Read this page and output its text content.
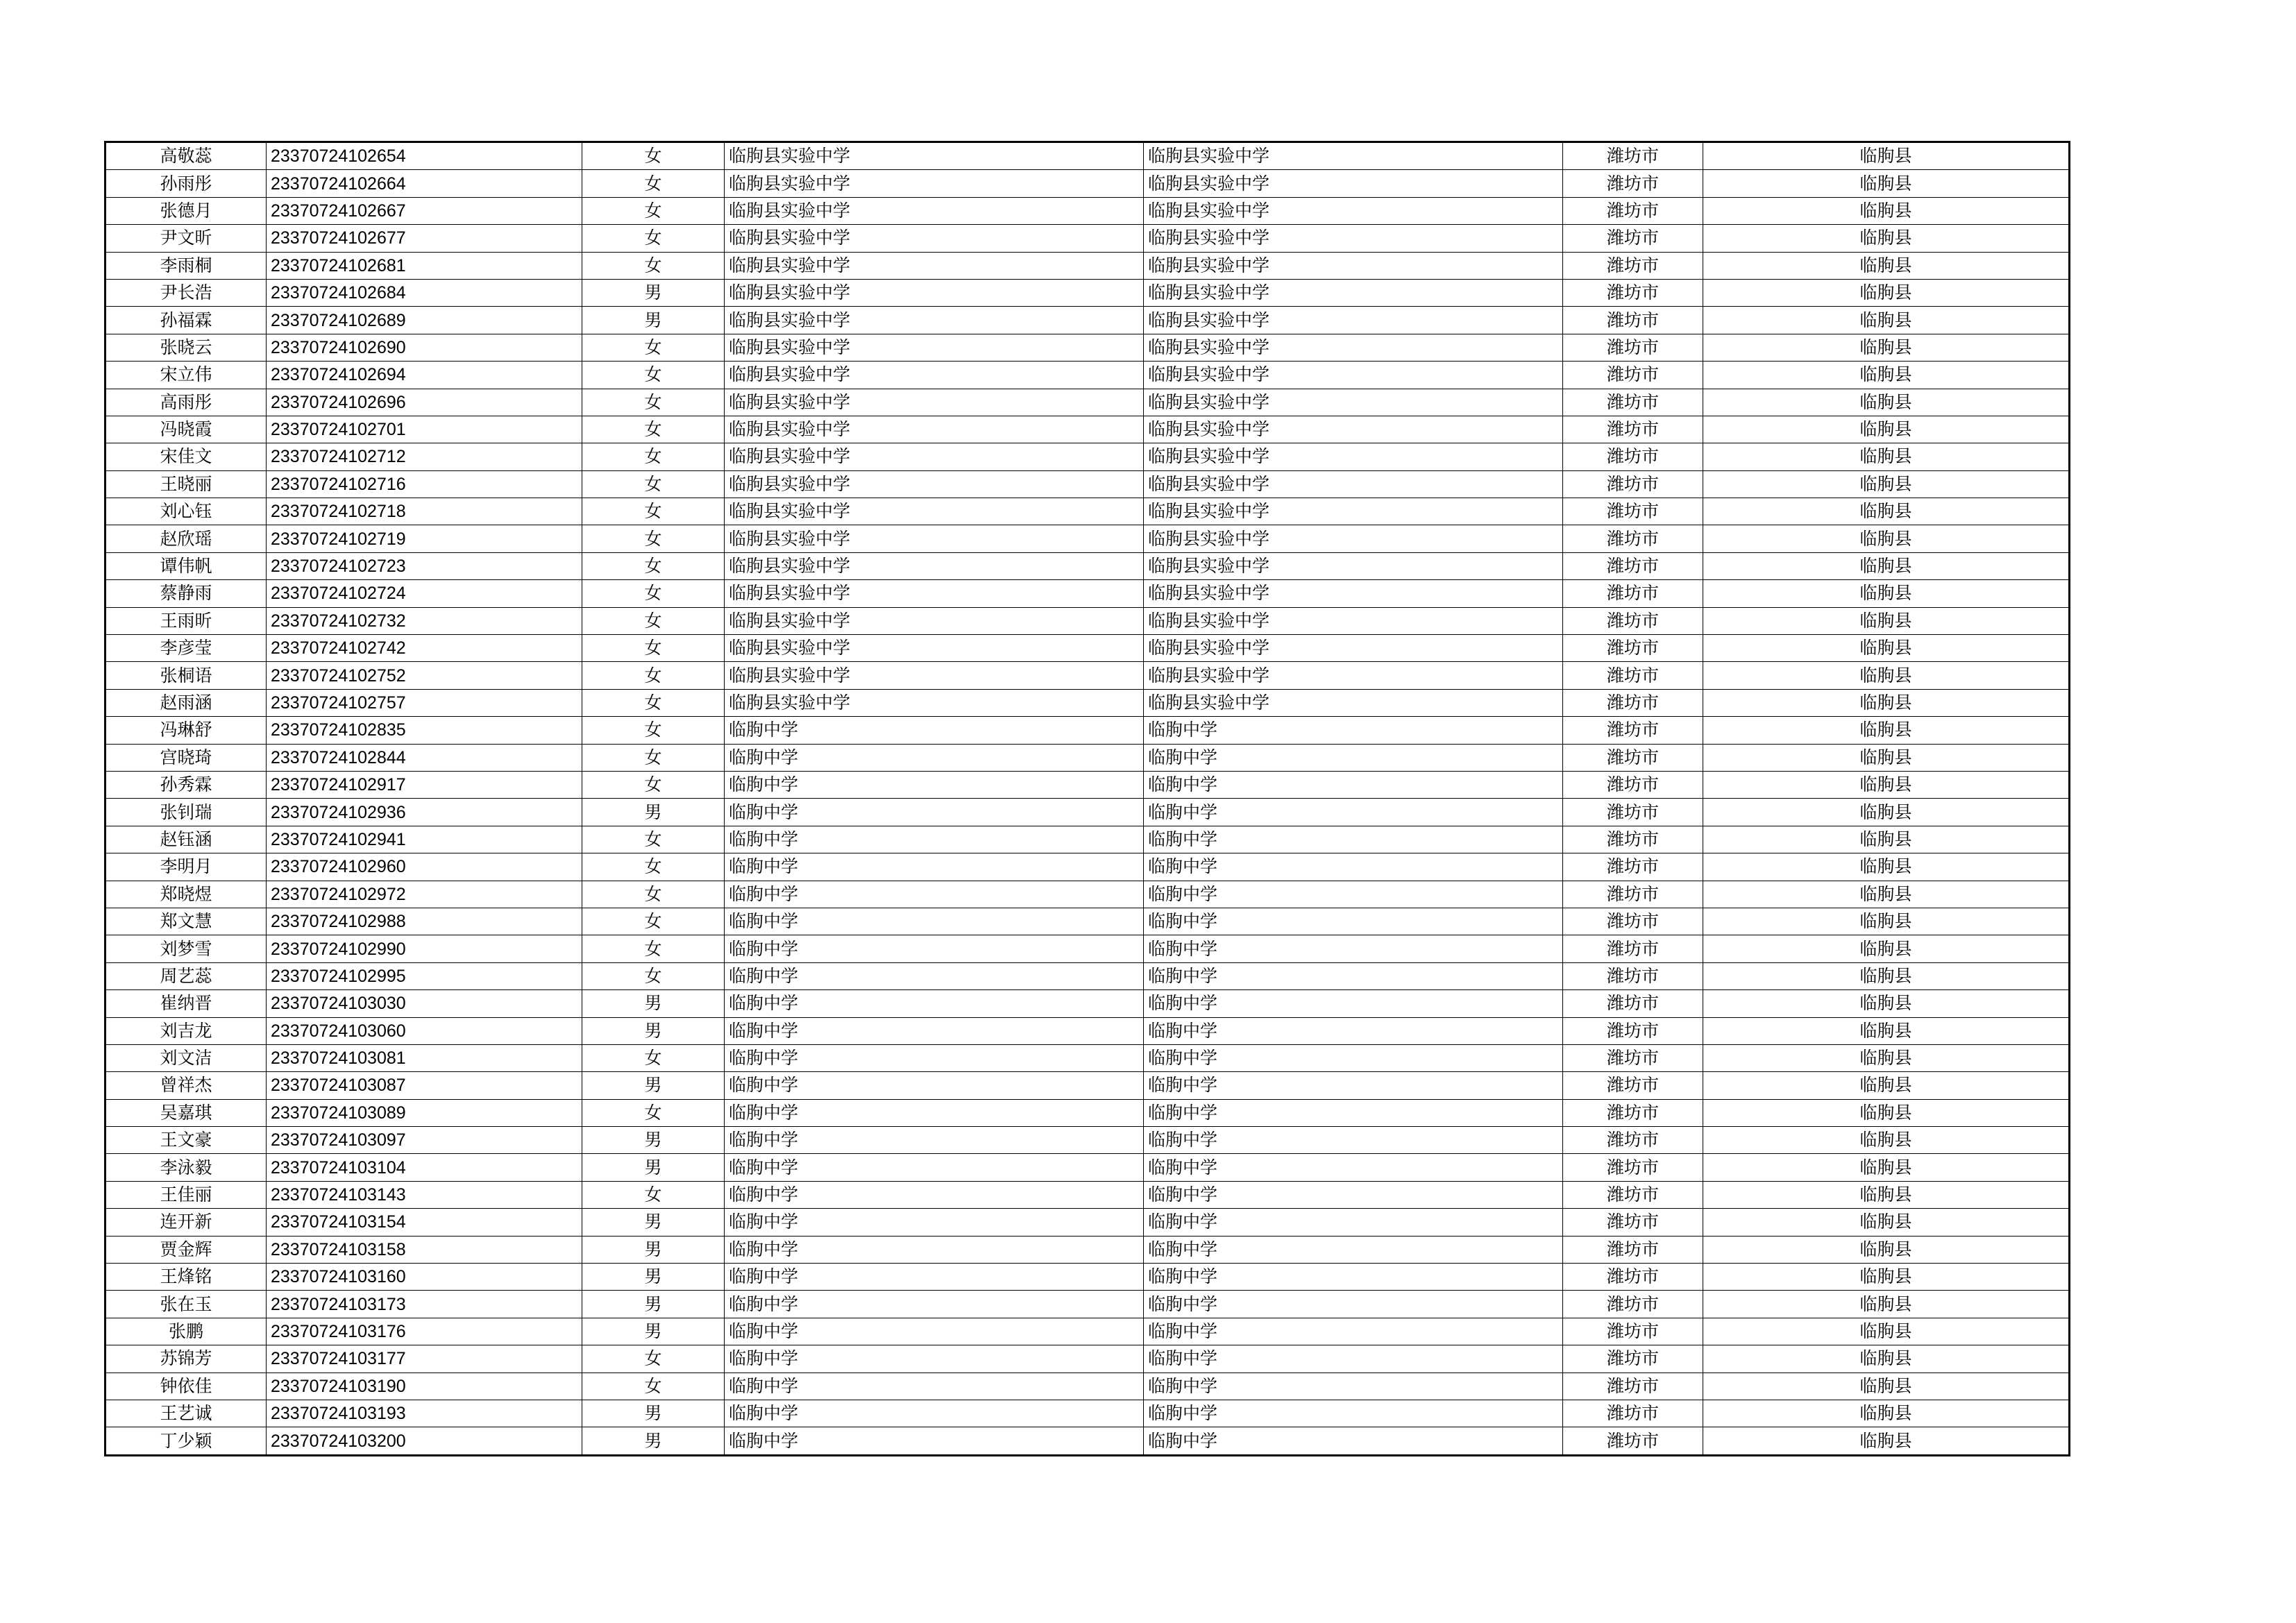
高敬蕊	23370724102654	女	临朐县实验中学	临朐县实验中学	潍坊市	临朐县
孙雨彤	23370724102664	女	临朐县实验中学	临朐县实验中学	潍坊市	临朐县
张德月	23370724102667	女	临朐县实验中学	临朐县实验中学	潍坊市	临朐县
尹文昕	23370724102677	女	临朐县实验中学	临朐县实验中学	潍坊市	临朐县
李雨桐	23370724102681	女	临朐县实验中学	临朐县实验中学	潍坊市	临朐县
尹长浩	23370724102684	男	临朐县实验中学	临朐县实验中学	潍坊市	临朐县
孙福霖	23370724102689	男	临朐县实验中学	临朐县实验中学	潍坊市	临朐县
张晓云	23370724102690	女	临朐县实验中学	临朐县实验中学	潍坊市	临朐县
宋立伟	23370724102694	女	临朐县实验中学	临朐县实验中学	潍坊市	临朐县
高雨彤	23370724102696	女	临朐县实验中学	临朐县实验中学	潍坊市	临朐县
冯晓霞	23370724102701	女	临朐县实验中学	临朐县实验中学	潍坊市	临朐县
宋佳文	23370724102712	女	临朐县实验中学	临朐县实验中学	潍坊市	临朐县
王晓丽	23370724102716	女	临朐县实验中学	临朐县实验中学	潍坊市	临朐县
刘心钰	23370724102718	女	临朐县实验中学	临朐县实验中学	潍坊市	临朐县
赵欣瑶	23370724102719	女	临朐县实验中学	临朐县实验中学	潍坊市	临朐县
谭伟帆	23370724102723	女	临朐县实验中学	临朐县实验中学	潍坊市	临朐县
蔡静雨	23370724102724	女	临朐县实验中学	临朐县实验中学	潍坊市	临朐县
王雨昕	23370724102732	女	临朐县实验中学	临朐县实验中学	潍坊市	临朐县
李彦莹	23370724102742	女	临朐县实验中学	临朐县实验中学	潍坊市	临朐县
张桐语	23370724102752	女	临朐县实验中学	临朐县实验中学	潍坊市	临朐县
赵雨涵	23370724102757	女	临朐县实验中学	临朐县实验中学	潍坊市	临朐县
冯琳舒	23370724102835	女	临朐中学	临朐中学	潍坊市	临朐县
宫晓琦	23370724102844	女	临朐中学	临朐中学	潍坊市	临朐县
孙秀霖	23370724102917	女	临朐中学	临朐中学	潍坊市	临朐县
张钊瑞	23370724102936	男	临朐中学	临朐中学	潍坊市	临朐县
赵钰涵	23370724102941	女	临朐中学	临朐中学	潍坊市	临朐县
李明月	23370724102960	女	临朐中学	临朐中学	潍坊市	临朐县
郑晓煜	23370724102972	女	临朐中学	临朐中学	潍坊市	临朐县
郑文慧	23370724102988	女	临朐中学	临朐中学	潍坊市	临朐县
刘梦雪	23370724102990	女	临朐中学	临朐中学	潍坊市	临朐县
周艺蕊	23370724102995	女	临朐中学	临朐中学	潍坊市	临朐县
崔纳晋	23370724103030	男	临朐中学	临朐中学	潍坊市	临朐县
刘吉龙	23370724103060	男	临朐中学	临朐中学	潍坊市	临朐县
刘文洁	23370724103081	女	临朐中学	临朐中学	潍坊市	临朐县
曾祥杰	23370724103087	男	临朐中学	临朐中学	潍坊市	临朐县
吴嘉琪	23370724103089	女	临朐中学	临朐中学	潍坊市	临朐县
王文豪	23370724103097	男	临朐中学	临朐中学	潍坊市	临朐县
李泳毅	23370724103104	男	临朐中学	临朐中学	潍坊市	临朐县
王佳丽	23370724103143	女	临朐中学	临朐中学	潍坊市	临朐县
连开新	23370724103154	男	临朐中学	临朐中学	潍坊市	临朐县
贾金辉	23370724103158	男	临朐中学	临朐中学	潍坊市	临朐县
王烽铭	23370724103160	男	临朐中学	临朐中学	潍坊市	临朐县
张在玉	23370724103173	男	临朐中学	临朐中学	潍坊市	临朐县
张鹏	23370724103176	男	临朐中学	临朐中学	潍坊市	临朐县
苏锦芳	23370724103177	女	临朐中学	临朐中学	潍坊市	临朐县
钟依佳	23370724103190	女	临朐中学	临朐中学	潍坊市	临朐县
王艺诚	23370724103193	男	临朐中学	临朐中学	潍坊市	临朐县
丁少颖	23370724103200	男	临朐中学	临朐中学	潍坊市	临朐县
